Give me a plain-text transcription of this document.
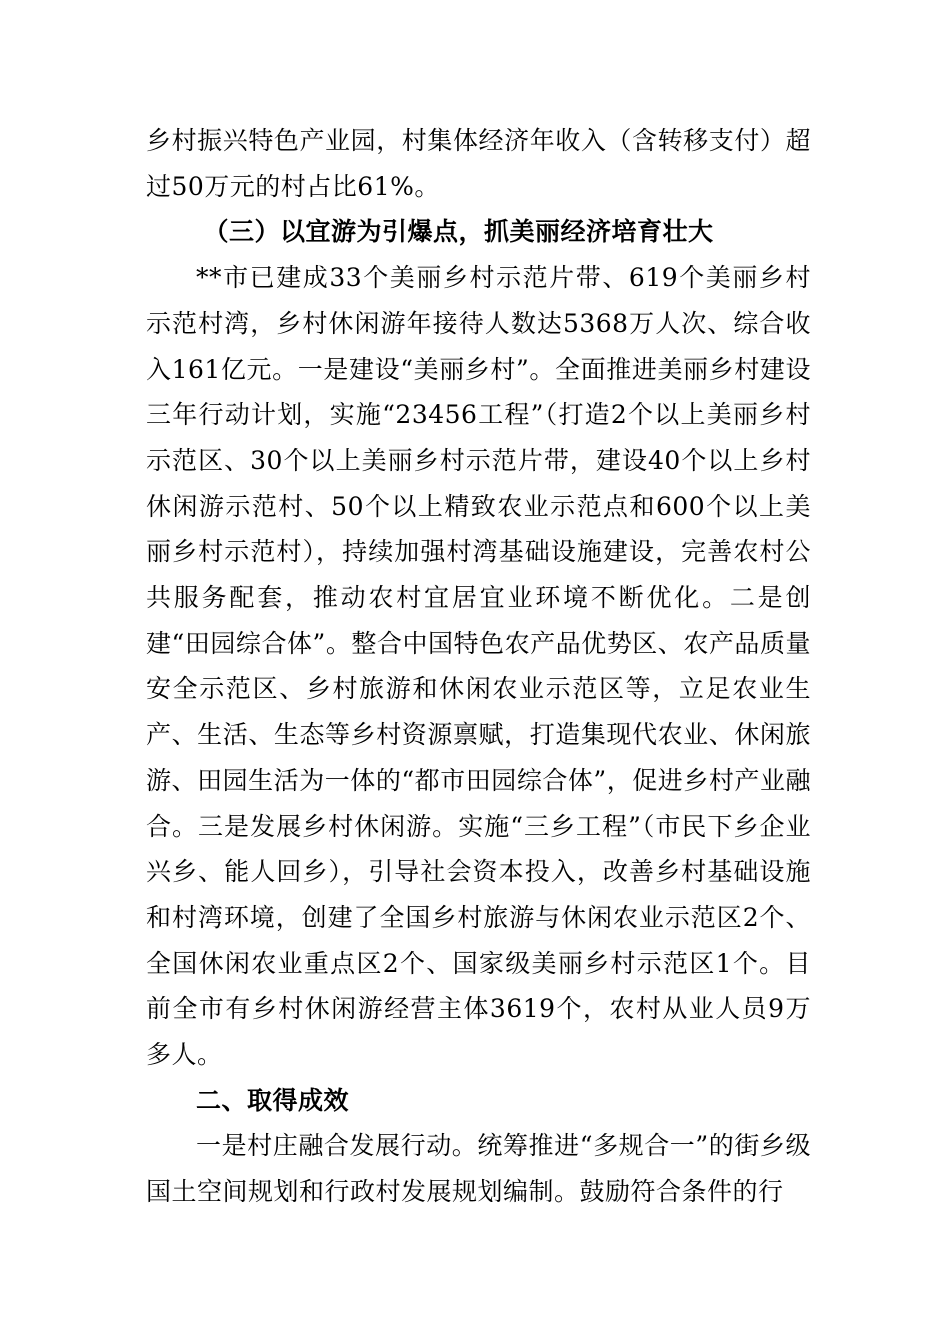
乡村振兴特色产业园，村集体经济年收入（含转移支付）超过50万元的村占比61%。

（三）以宜游为引爆点，抓美丽经济培育壮大

**市已建成33个美丽乡村示范片带、619个美丽乡村示范村湾，乡村休闲游年接待人数达5368万人次、综合收入161亿元。一是建设“美丽乡村”。全面推进美丽乡村建设三年行动计划，实施“23456工程”（打造2个以上美丽乡村示范区、30个以上美丽乡村示范片带，建设40个以上乡村休闲游示范村、50个以上精致农业示范点和600个以上美丽乡村示范村），持续加强村湾基础设施建设，完善农村公共服务配套，推动农村宜居宜业环境不断优化。二是创建“田园综合体”。整合中国特色农产品优势区、农产品质量安全示范区、乡村旅游和休闲农业示范区等，立足农业生产、生活、生态等乡村资源禀赋，打造集现代农业、休闲旅游、田园生活为一体的“都市田园综合体”，促进乡村产业融合。三是发展乡村休闲游。实施“三乡工程”（市民下乡企业兴乡、能人回乡），引导社会资本投入，改善乡村基础设施和村湾环境，创建了全国乡村旅游与休闲农业示范区2个、全国休闲农业重点区2个、国家级美丽乡村示范区1个。目前全市有乡村休闲游经营主体3619个，农村从业人员9万多人。

二、取得成效

一是村庄融合发展行动。统筹推进“多规合一”的街乡级国土空间规划和行政村发展规划编制。鼓励符合条件的行
